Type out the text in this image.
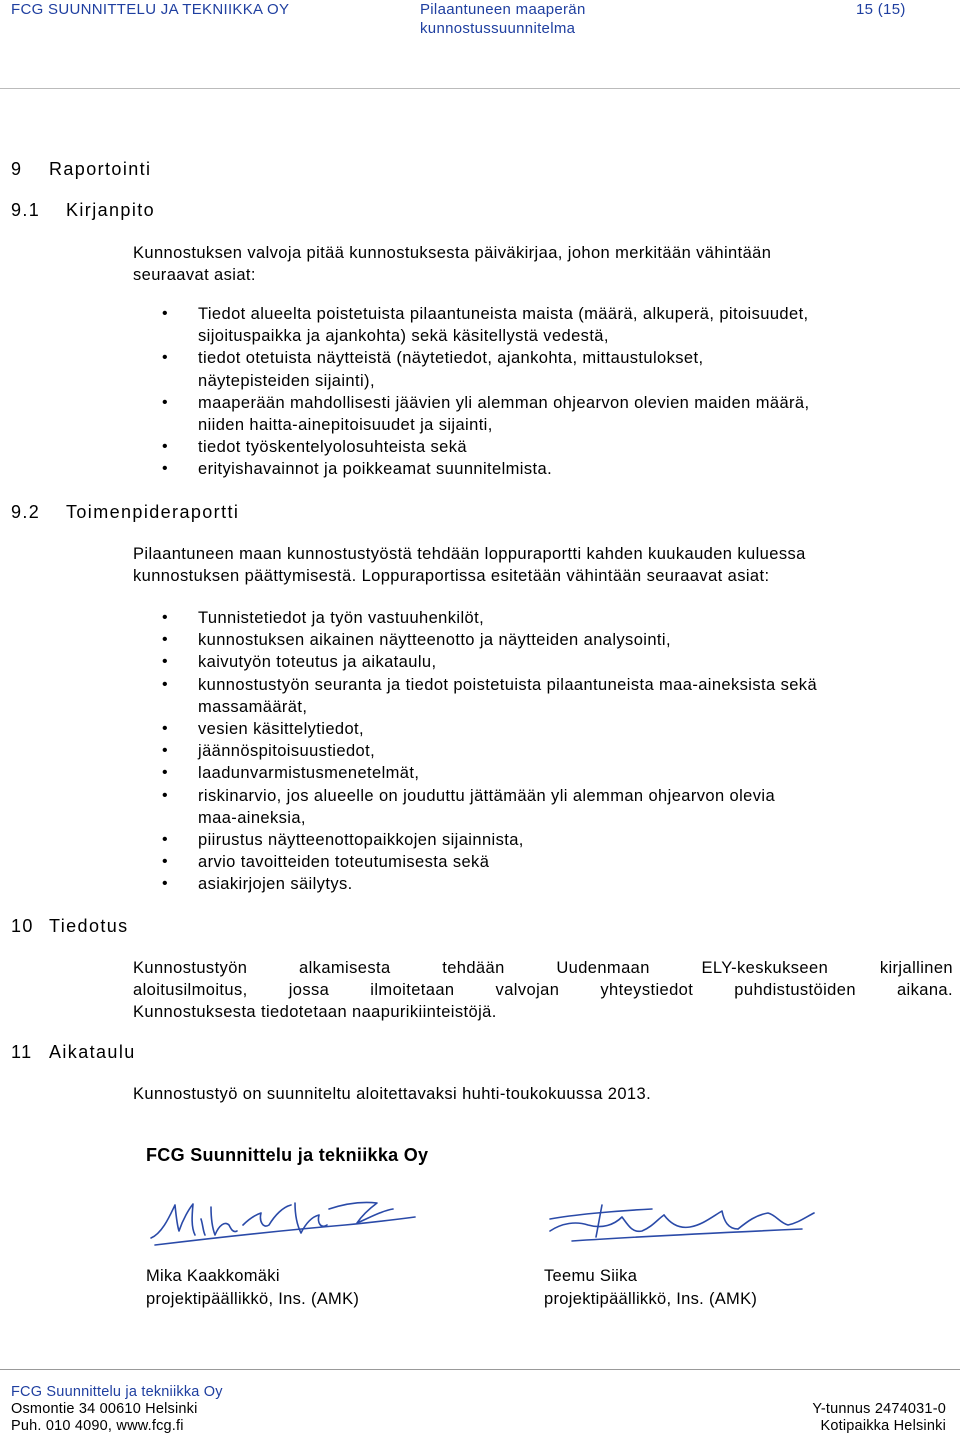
FCG SUUNNITTELU JA TEKNIIKKA OY	Pilaantuneen maaperän
kunnostussuunnitelma
15 (15)
9 Raportointi
9.1 Kirjanpito
Kunnostuksen valvoja pitää kunnostuksesta päiväkirjaa, johon merkitään vähintään
seuraavat asiat:
• Tiedot alueelta poistetuista pilaantuneista maista (määrä, alkuperä, pitoisuudet,
sijoituspaikka ja ajankohta) sekä käsitellystä vedestä,
• tiedot otetuista näytteistä (näytetiedot, ajankohta, mittaustulokset,
näytepisteiden sijainti),
• maaperään mahdollisesti jäävien yli alemman ohjearvon olevien maiden määrä,
niiden haitta-ainepitoisuudet ja sijainti,
• tiedot työskentelyolosuhteista sekä
• erityishavainnot ja poikkeamat suunnitelmista.
9.2 Toimenpideraportti
Pilaantuneen maan kunnostustyöstä tehdään loppuraportti kahden kuukauden kuluessa
kunnostuksen päättymisestä. Loppuraportissa esitetään vähintään seuraavat asiat:
• Tunnistetiedot ja työn vastuuhenkilöt,
• kunnostuksen aikainen näytteenotto ja näytteiden analysointi,
• kaivutyön toteutus ja aikataulu,
• kunnostustyön seuranta ja tiedot poistetuista pilaantuneista maa-aineksista sekä
massamäärät,
• vesien käsittelytiedot,
• jäännöspitoisuustiedot,
• laadunvarmistusmenetelmät,
• riskinarvio, jos alueelle on jouduttu jättämään yli alemman ohjearvon olevia
maa-aineksia,
• piirustus näytteenottopaikkojen sijainnista,
• arvio tavoitteiden toteutumisesta sekä
• asiakirjojen säilytys.
10 Tiedotus
Kunnostustyön alkamisesta tehdään Uudenmaan ELY-keskukseen kirjallinen
aloitusilmoitus, jossa ilmoitetaan valvojan yhteystiedot puhdistustöiden aikana.
Kunnostuksesta tiedotetaan naapurikiinteistöjä.
11 Aikataulu
Kunnostustyö on suunniteltu aloitettavaksi huhti-toukokuussa 2013.
FCG Suunnittelu ja tekniikka Oy
Mika Kaakkomäki
projektipäällikkö, Ins. (AMK)
Teemu Siika
projektipäällikkö, Ins. (AMK)
FCG Suunnittelu ja tekniikka Oy
Osmontie 34 00610 Helsinki
Puh. 010 4090, www.fcg.fi
Y-tunnus 2474031-0
Kotipaikka Helsinki
